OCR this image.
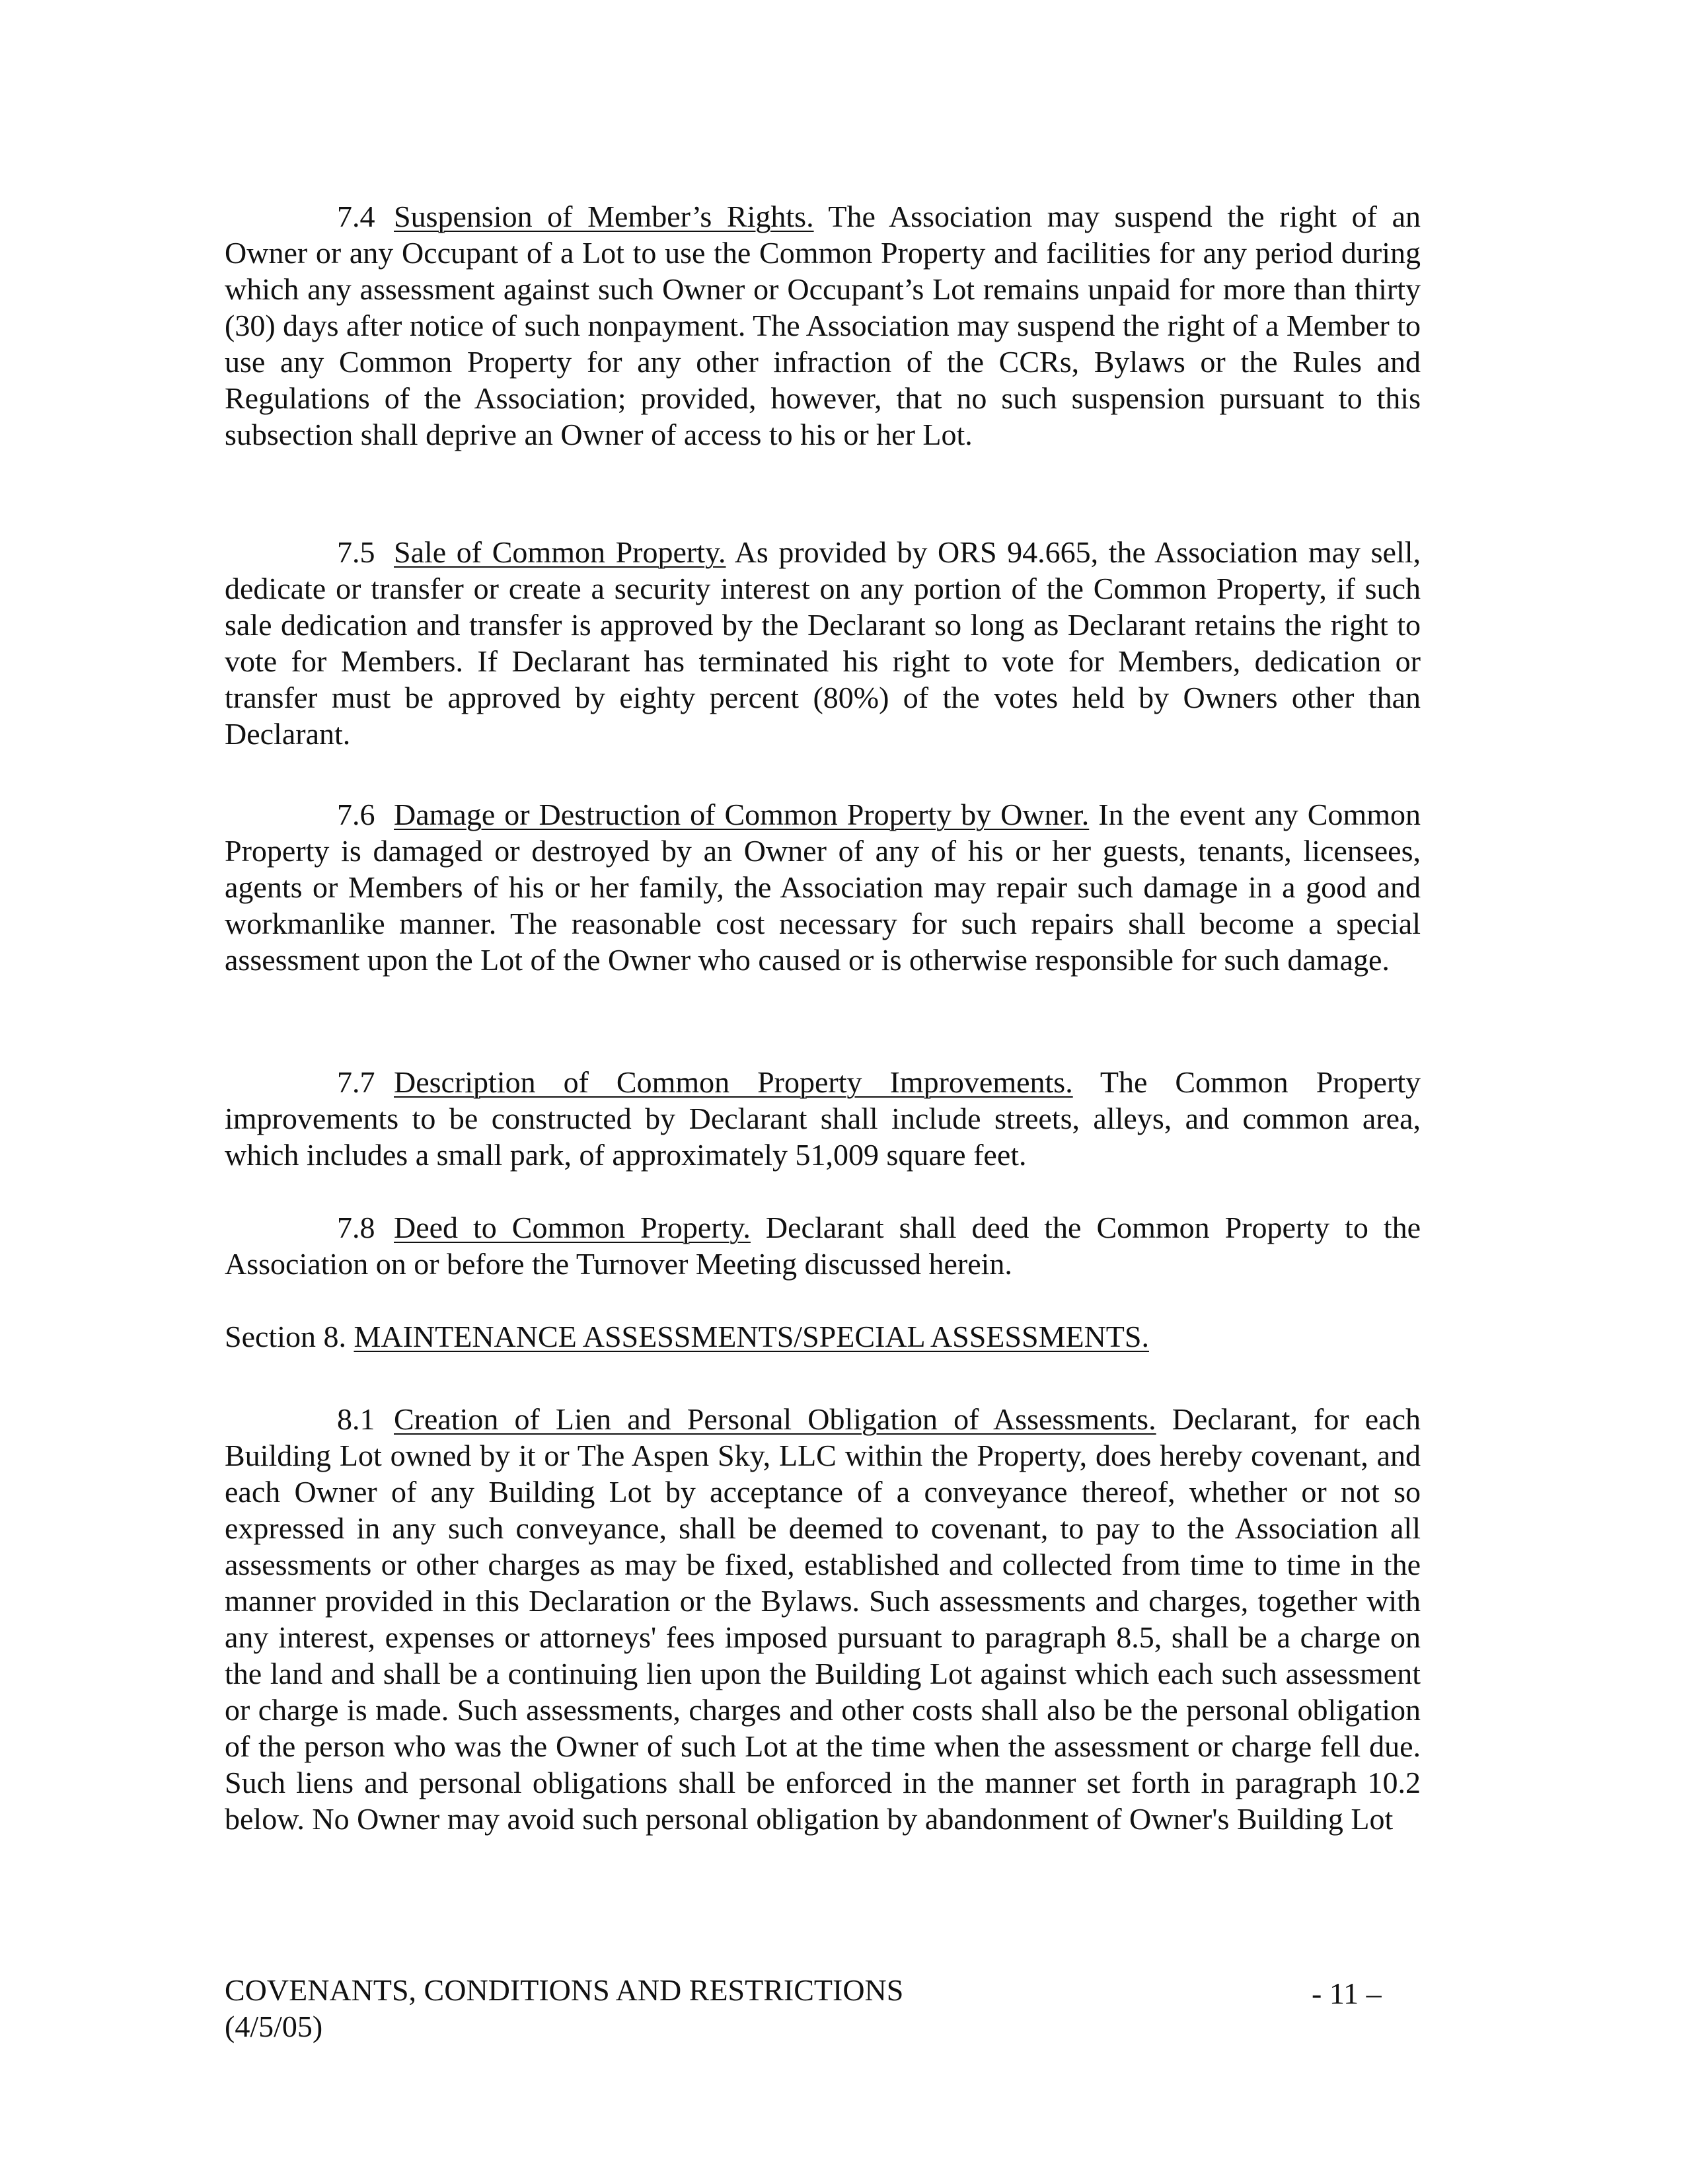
7.4 Suspension of Member’s Rights. The Association may suspend the right of an Owner or any Occupant of a Lot to use the Common Property and facilities for any period during which any assessment against such Owner or Occupant’s Lot remains unpaid for more than thirty (30) days after notice of such nonpayment. The Association may suspend the right of a Member to use any Common Property for any other infraction of the CCRs, Bylaws or the Rules and Regulations of the Association; provided, however, that no such suspension pursuant to this subsection shall deprive an Owner of access to his or her Lot.

7.5 Sale of Common Property. As provided by ORS 94.665, the Association may sell, dedicate or transfer or create a security interest on any portion of the Common Property, if such sale dedication and transfer is approved by the Declarant so long as Declarant retains the right to vote for Members. If Declarant has terminated his right to vote for Members, dedication or transfer must be approved by eighty percent (80%) of the votes held by Owners other than Declarant.

7.6 Damage or Destruction of Common Property by Owner. In the event any Common Property is damaged or destroyed by an Owner of any of his or her guests, tenants, licensees, agents or Members of his or her family, the Association may repair such damage in a good and workmanlike manner. The reasonable cost necessary for such repairs shall become a special assessment upon the Lot of the Owner who caused or is otherwise responsible for such damage.

7.7 Description of Common Property Improvements. The Common Property improvements to be constructed by Declarant shall include streets, alleys, and common area, which includes a small park, of approximately 51,009 square feet.

7.8 Deed to Common Property. Declarant shall deed the Common Property to the Association on or before the Turnover Meeting discussed herein.

Section 8. MAINTENANCE ASSESSMENTS/SPECIAL ASSESSMENTS.

8.1 Creation of Lien and Personal Obligation of Assessments. Declarant, for each Building Lot owned by it or The Aspen Sky, LLC within the Property, does hereby covenant, and each Owner of any Building Lot by acceptance of a conveyance thereof, whether or not so expressed in any such conveyance, shall be deemed to covenant, to pay to the Association all assessments or other charges as may be fixed, established and collected from time to time in the manner provided in this Declaration or the Bylaws. Such assessments and charges, together with any interest, expenses or attorneys' fees imposed pursuant to paragraph 8.5, shall be a charge on the land and shall be a continuing lien upon the Building Lot against which each such assessment or charge is made. Such assessments, charges and other costs shall also be the personal obligation of the person who was the Owner of such Lot at the time when the assessment or charge fell due. Such liens and personal obligations shall be enforced in the manner set forth in paragraph 10.2 below. No Owner may avoid such personal obligation by abandonment of Owner's Building Lot

COVENANTS, CONDITIONS AND RESTRICTIONS
(4/5/05)
- 11 –
